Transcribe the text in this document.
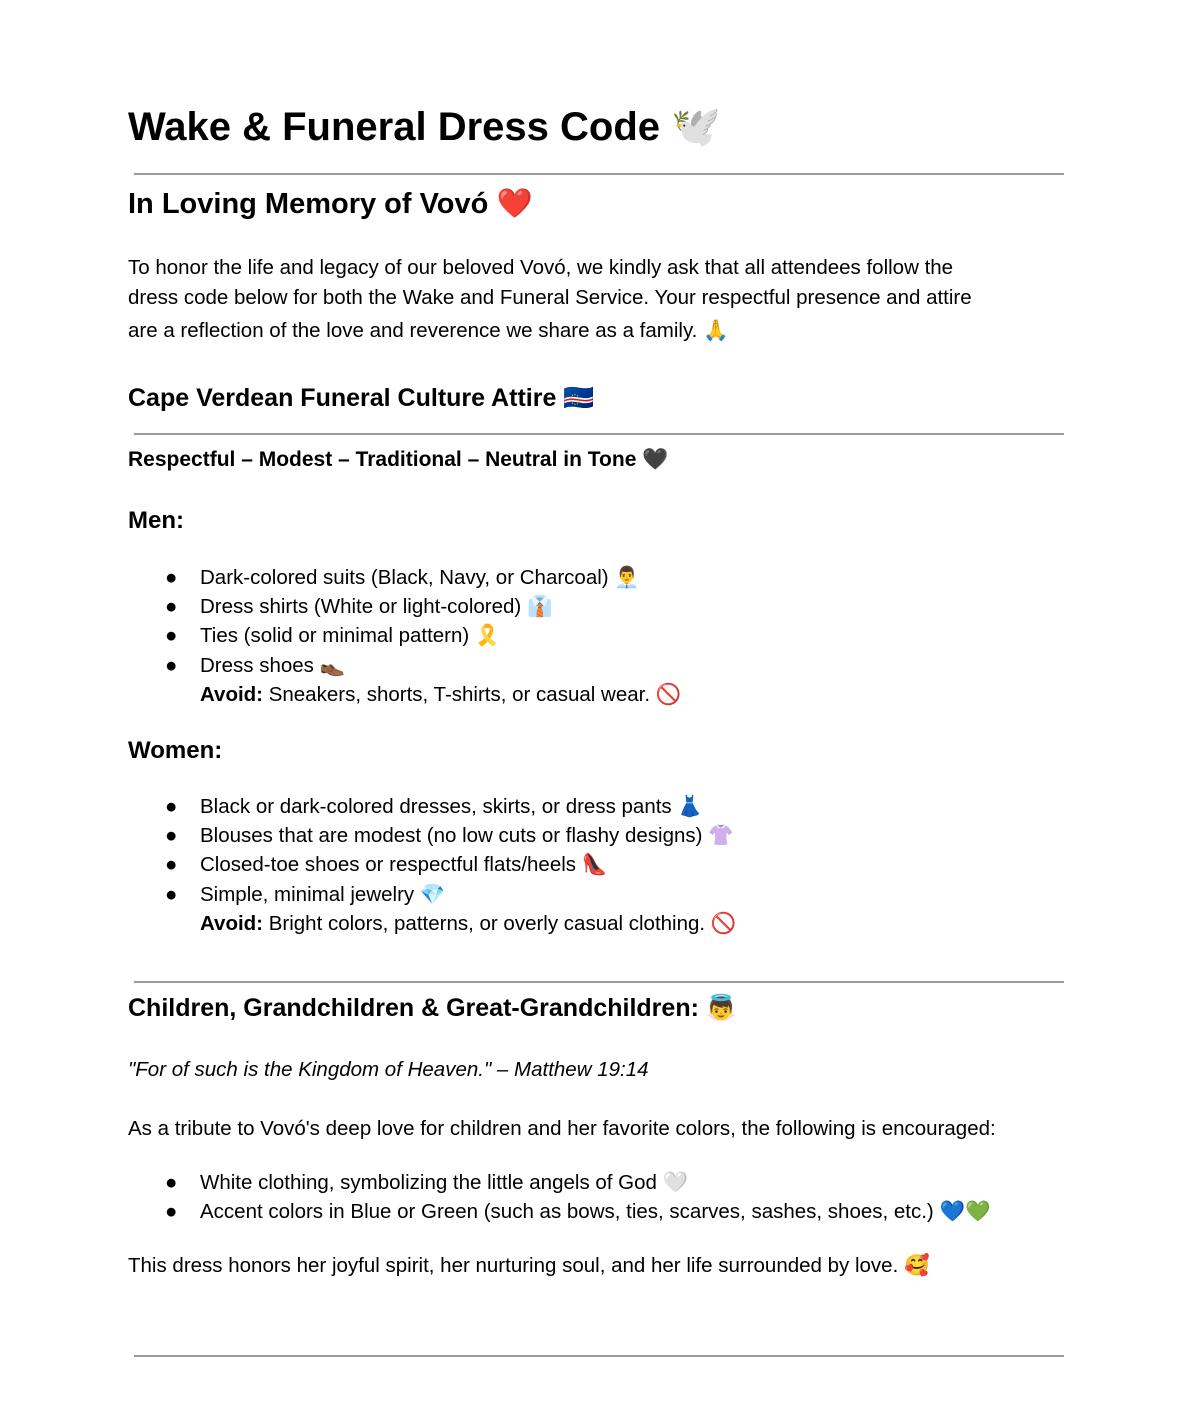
Wake & Funeral Dress Code 🕊️
In Loving Memory of Vovó ❤️
To honor the life and legacy of our beloved Vovó, we kindly ask that all attendees follow the
dress code below for both the Wake and Funeral Service. Your respectful presence and attire
are a reflection of the love and reverence we share as a family. 🙏
Cape Verdean Funeral Culture Attire 🇨🇻
Respectful – Modest – Traditional – Neutral in Tone 🖤
Men:
● Dark-colored suits (Black, Navy, or Charcoal) 👨‍💼
● Dress shirts (White or light-colored) 👔
● Ties (solid or minimal pattern) 🎗️
● Dress shoes 👞
Avoid: Sneakers, shorts, T-shirts, or casual wear. 🚫
Women:
● Black or dark-colored dresses, skirts, or dress pants 👗
● Blouses that are modest (no low cuts or flashy designs) 👚
● Closed-toe shoes or respectful flats/heels 👠
● Simple, minimal jewelry 💎
Avoid: Bright colors, patterns, or overly casual clothing. 🚫
Children, Grandchildren & Great-Grandchildren: 👼
"For of such is the Kingdom of Heaven." – Matthew 19:14
As a tribute to Vovó's deep love for children and her favorite colors, the following is encouraged:
● White clothing, symbolizing the little angels of God 🤍
● Accent colors in Blue or Green (such as bows, ties, scarves, sashes, shoes, etc.) 💙💚
This dress honors her joyful spirit, her nurturing soul, and her life surrounded by love. 🥰
